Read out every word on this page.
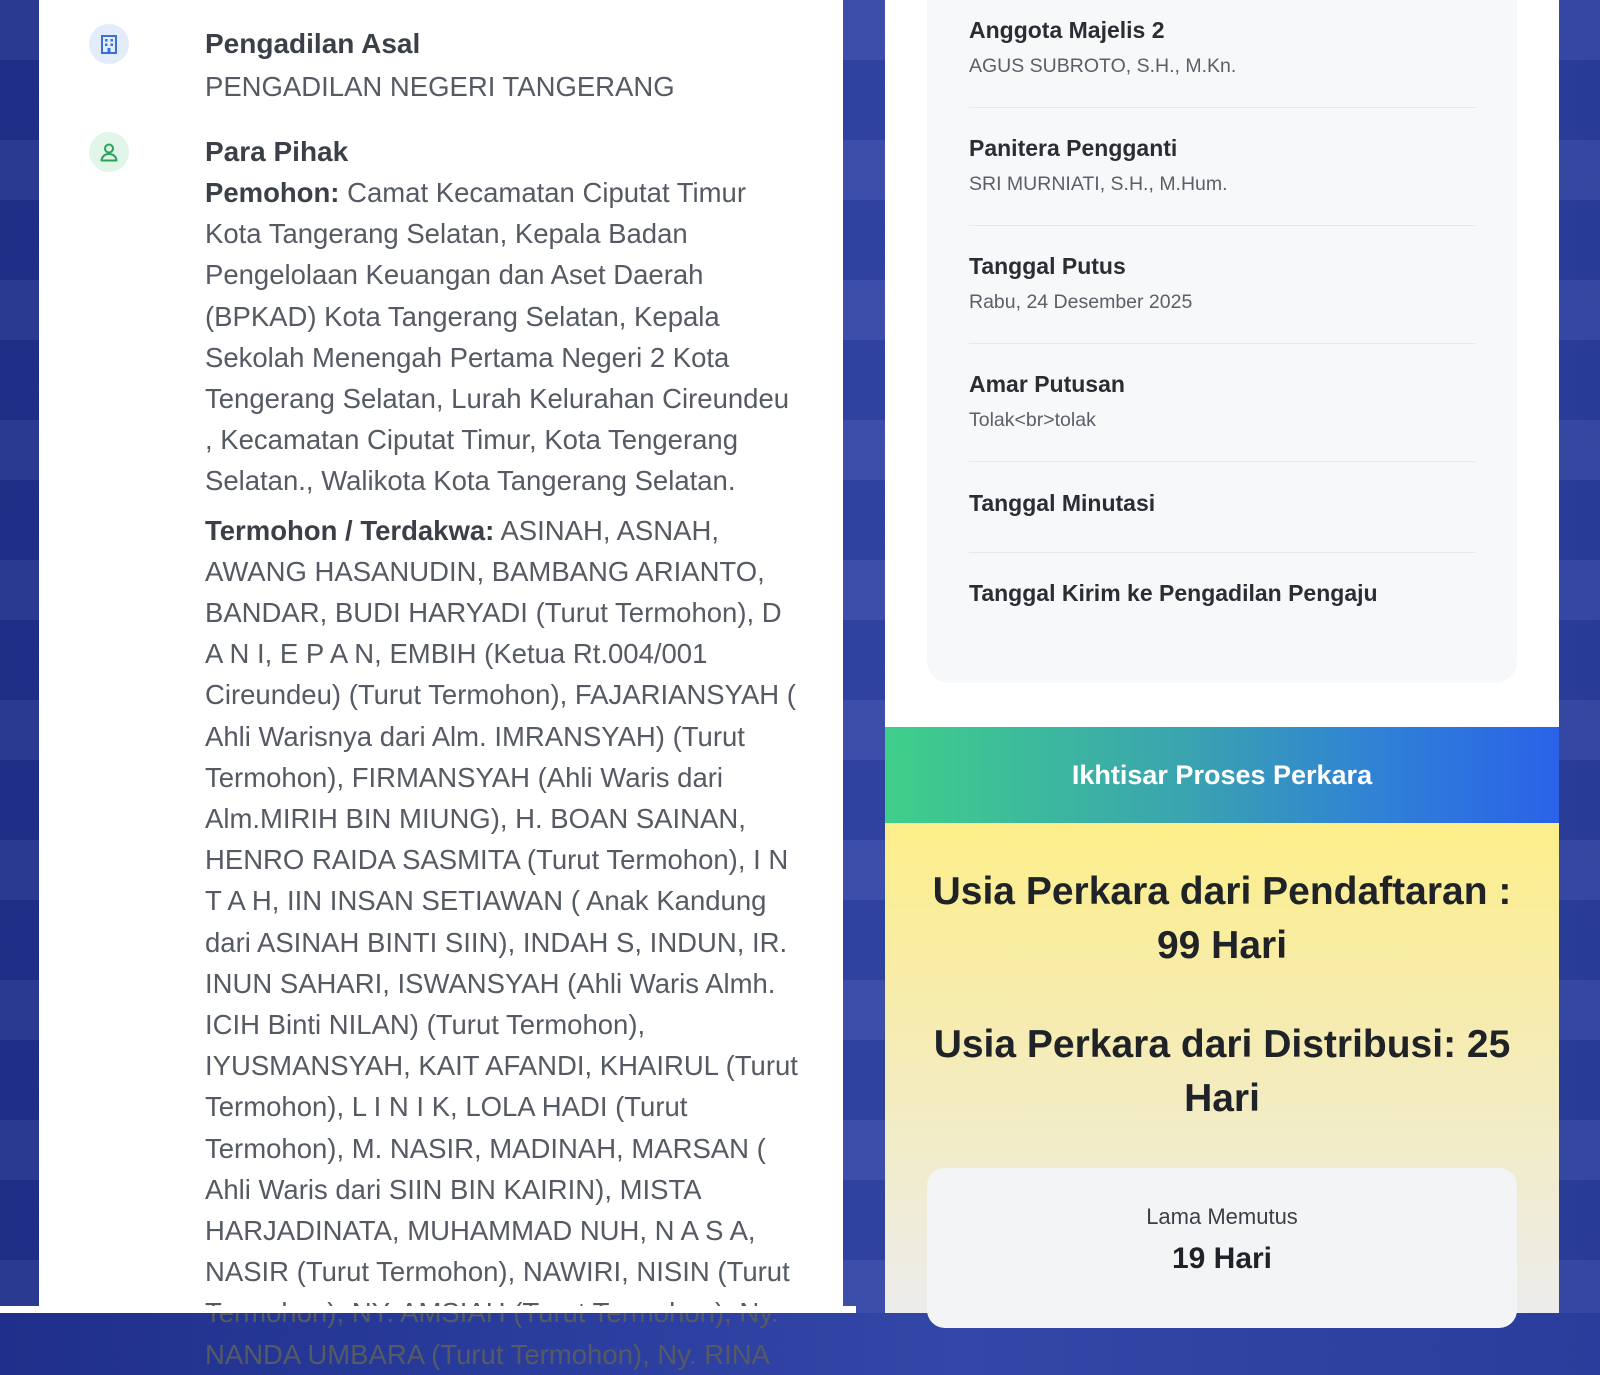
Pengadilan Asal
PENGADILAN NEGERI TANGERANG
Para Pihak
Pemohon: Camat Kecamatan Ciputat Timur Kota Tangerang Selatan, Kepala Badan Pengelolaan Keuangan dan Aset Daerah (BPKAD) Kota Tangerang Selatan, Kepala Sekolah Menengah Pertama Negeri 2 Kota Tengerang Selatan, Lurah Kelurahan Cireundeu , Kecamatan Ciputat Timur, Kota Tengerang Selatan., Walikota Kota Tangerang Selatan.
Termohon / Terdakwa: ASINAH, ASNAH, AWANG HASANUDIN, BAMBANG ARIANTO, BANDAR, BUDI HARYADI (Turut Termohon), D A N I, E P A N, EMBIH (Ketua Rt.004/001 Cireundeu) (Turut Termohon), FAJARIANSYAH ( Ahli Warisnya dari Alm. IMRANSYAH) (Turut Termohon), FIRMANSYAH (Ahli Waris dari Alm.MIRIH BIN MIUNG), H. BOAN SAINAN, HENRO RAIDA SASMITA (Turut Termohon), I N T A H, IIN INSAN SETIAWAN ( Anak Kandung dari ASINAH BINTI SIIN), INDAH S, INDUN, IR. INUN SAHARI, ISWANSYAH (Ahli Waris Almh. ICIH Binti NILAN) (Turut Termohon), IYUSMANSYAH, KAIT AFANDI, KHAIRUL (Turut Termohon), L I N I K, LOLA HADI (Turut Termohon), M. NASIR, MADINAH, MARSAN ( Ahli Waris dari SIIN BIN KAIRIN), MISTA HARJADINATA, MUHAMMAD NUH, N A S A, NASIR (Turut Termohon), NAWIRI, NISIN (Turut NANDA UMBARA (Turut Termohon), Ny. RINA
Anggota Majelis 2
AGUS SUBROTO, S.H., M.Kn.
Panitera Pengganti
SRI MURNIATI, S.H., M.Hum.
Tanggal Putus
Rabu, 24 Desember 2025
Amar Putusan
Tolak<br>tolak
Tanggal Minutasi
Tanggal Kirim ke Pengadilan Pengaju
Ikhtisar Proses Perkara
Usia Perkara dari Pendaftaran :
99 Hari
Usia Perkara dari Distribusi: 25
Hari
Lama Memutus
19 Hari
